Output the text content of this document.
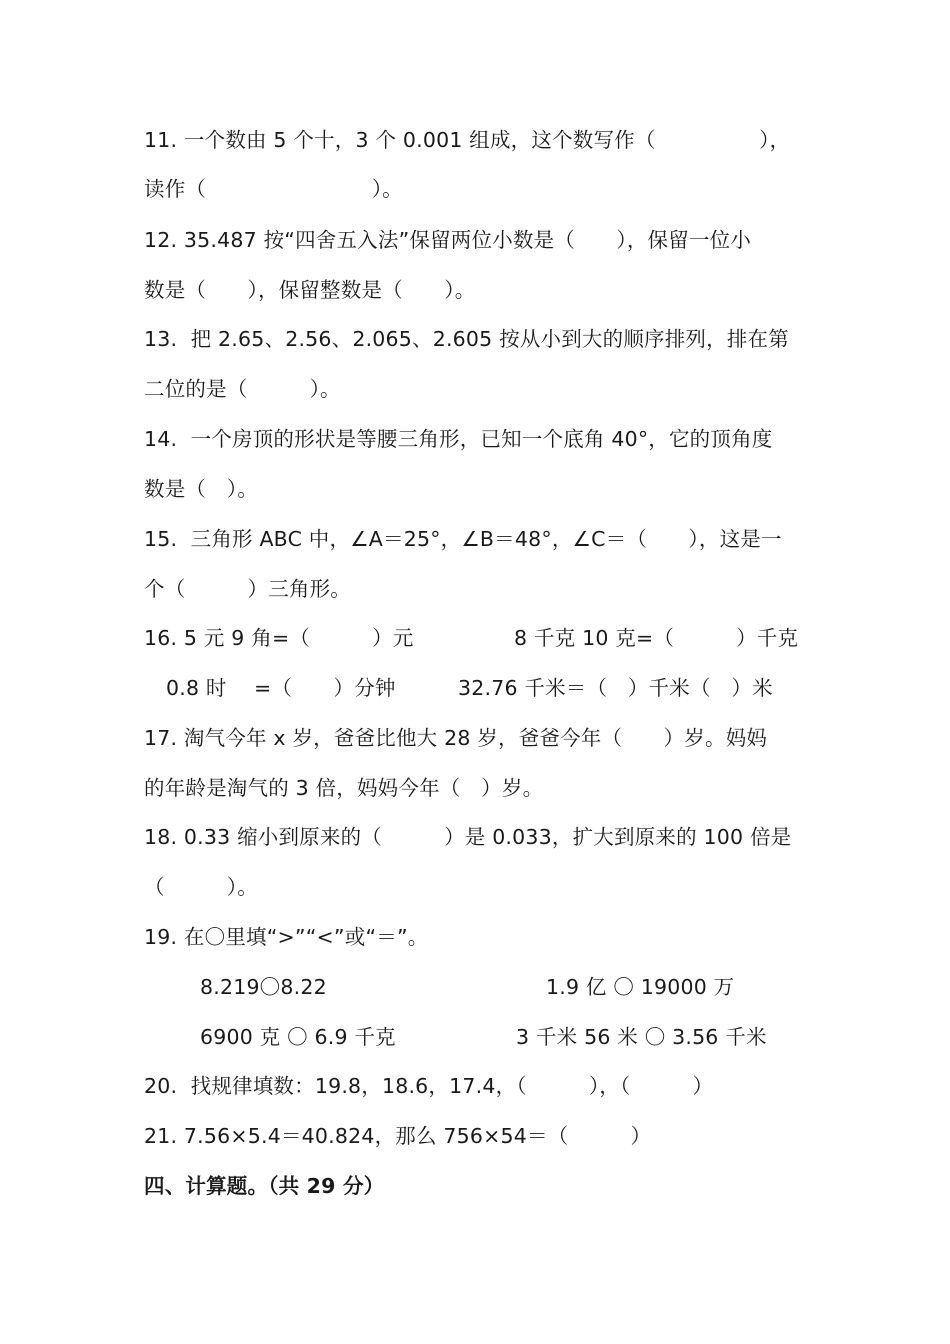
11. 一个数由 5 个十，3 个 0.001 组成，这个数写作（　　　　　），
读作（　　　　　　　　）。
12. 35.487 按“四舍五入法”保留两位小数是（　　），保留一位小
数是（　　），保留整数是（　　）。
13.  把 2.65、2.56、2.065、2.605 按从小到大的顺序排列，排在第
二位的是（　　　）。
14.  一个房顶的形状是等腰三角形，已知一个底角 40°，它的顶角度
数是（　）。
15.  三角形 ABC 中，∠A＝25°，∠B＝48°，∠C＝（　　），这是一
个（　　　）三角形。
16. 5 元 9 角=（　　　）元	8 千克 10 克=（　　　）千克
0.8 时　 =（　　）分钟	32.76 千米＝（　）千米（　）米
17. 淘气今年 x 岁，爸爸比他大 28 岁，爸爸今年（　　）岁。妈妈
的年龄是淘气的 3 倍，妈妈今年（　）岁。
18. 0.33 缩小到原来的（　　　）是 0.033，扩大到原来的 100 倍是
（　　　）。
19. 在〇里填“>”“<”或“＝”。
8.219〇8.22	1.9 亿 〇 19000 万
6900 克 〇 6.9 千克	3 千米 56 米 〇 3.56 千米
20.  找规律填数：19.8，18.6，17.4，（　　　），（　　　）
21. 7.56×5.4＝40.824，那么 756×54＝（　　　）
四、计算题。（共 29 分）
